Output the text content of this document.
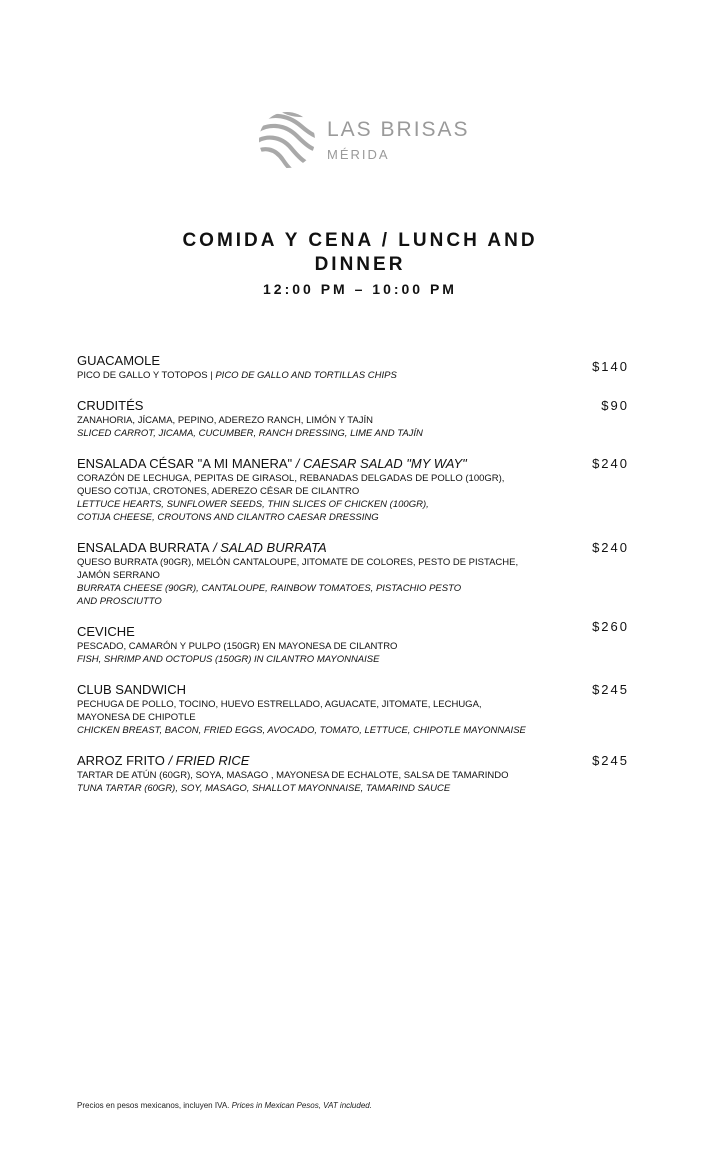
LAS BRISAS
MÉRIDA
COMIDA Y CENA / LUNCH AND DINNER
12:00 PM – 10:00 PM
GUACAMOLE
PICO DE GALLO Y TOTOPOS | PICO DE GALLO AND TORTILLAS CHIPS
$140
CRUDITÉS
ZANAHORIA, JÍCAMA, PEPINO, ADEREZO RANCH, LIMÓN Y TAJÍN
SLICED CARROT, JICAMA, CUCUMBER, RANCH DRESSING, LIME AND TAJÍN
$90
ENSALADA CÉSAR "A MI MANERA" / CAESAR SALAD "MY WAY"
CORAZÓN DE LECHUGA, PEPITAS DE GIRASOL, REBANADAS DELGADAS DE POLLO (100GR),
QUESO COTIJA, CROTONES, ADEREZO CÉSAR DE CILANTRO
LETTUCE HEARTS, SUNFLOWER SEEDS, THIN SLICES OF CHICKEN (100GR),
COTIJA CHEESE, CROUTONS AND CILANTRO CAESAR DRESSING
$240
ENSALADA BURRATA / SALAD BURRATA
QUESO BURRATA (90GR), MELÓN CANTALOUPE, JITOMATE DE COLORES, PESTO DE PISTACHE,
JAMÓN SERRANO
BURRATA CHEESE (90GR), CANTALOUPE, RAINBOW TOMATOES, PISTACHIO PESTO
AND PROSCIUTTO
$240
CEVICHE
PESCADO, CAMARÓN Y PULPO (150GR) EN MAYONESA DE CILANTRO
FISH, SHRIMP AND OCTOPUS (150GR) IN CILANTRO MAYONNAISE
$260
CLUB SANDWICH
PECHUGA DE POLLO, TOCINO, HUEVO ESTRELLADO, AGUACATE, JITOMATE, LECHUGA,
MAYONESA DE CHIPOTLE
CHICKEN BREAST, BACON, FRIED EGGS, AVOCADO, TOMATO, LETTUCE, CHIPOTLE MAYONNAISE
$245
ARROZ FRITO / FRIED RICE
TARTAR DE ATÚN (60GR), SOYA, MASAGO , MAYONESA DE ECHALOTE, SALSA DE TAMARINDO
TUNA TARTAR (60GR), SOY, MASAGO, SHALLOT MAYONNAISE, TAMARIND SAUCE
$245
Precios en pesos mexicanos, incluyen IVA. Prices in Mexican Pesos, VAT included.
